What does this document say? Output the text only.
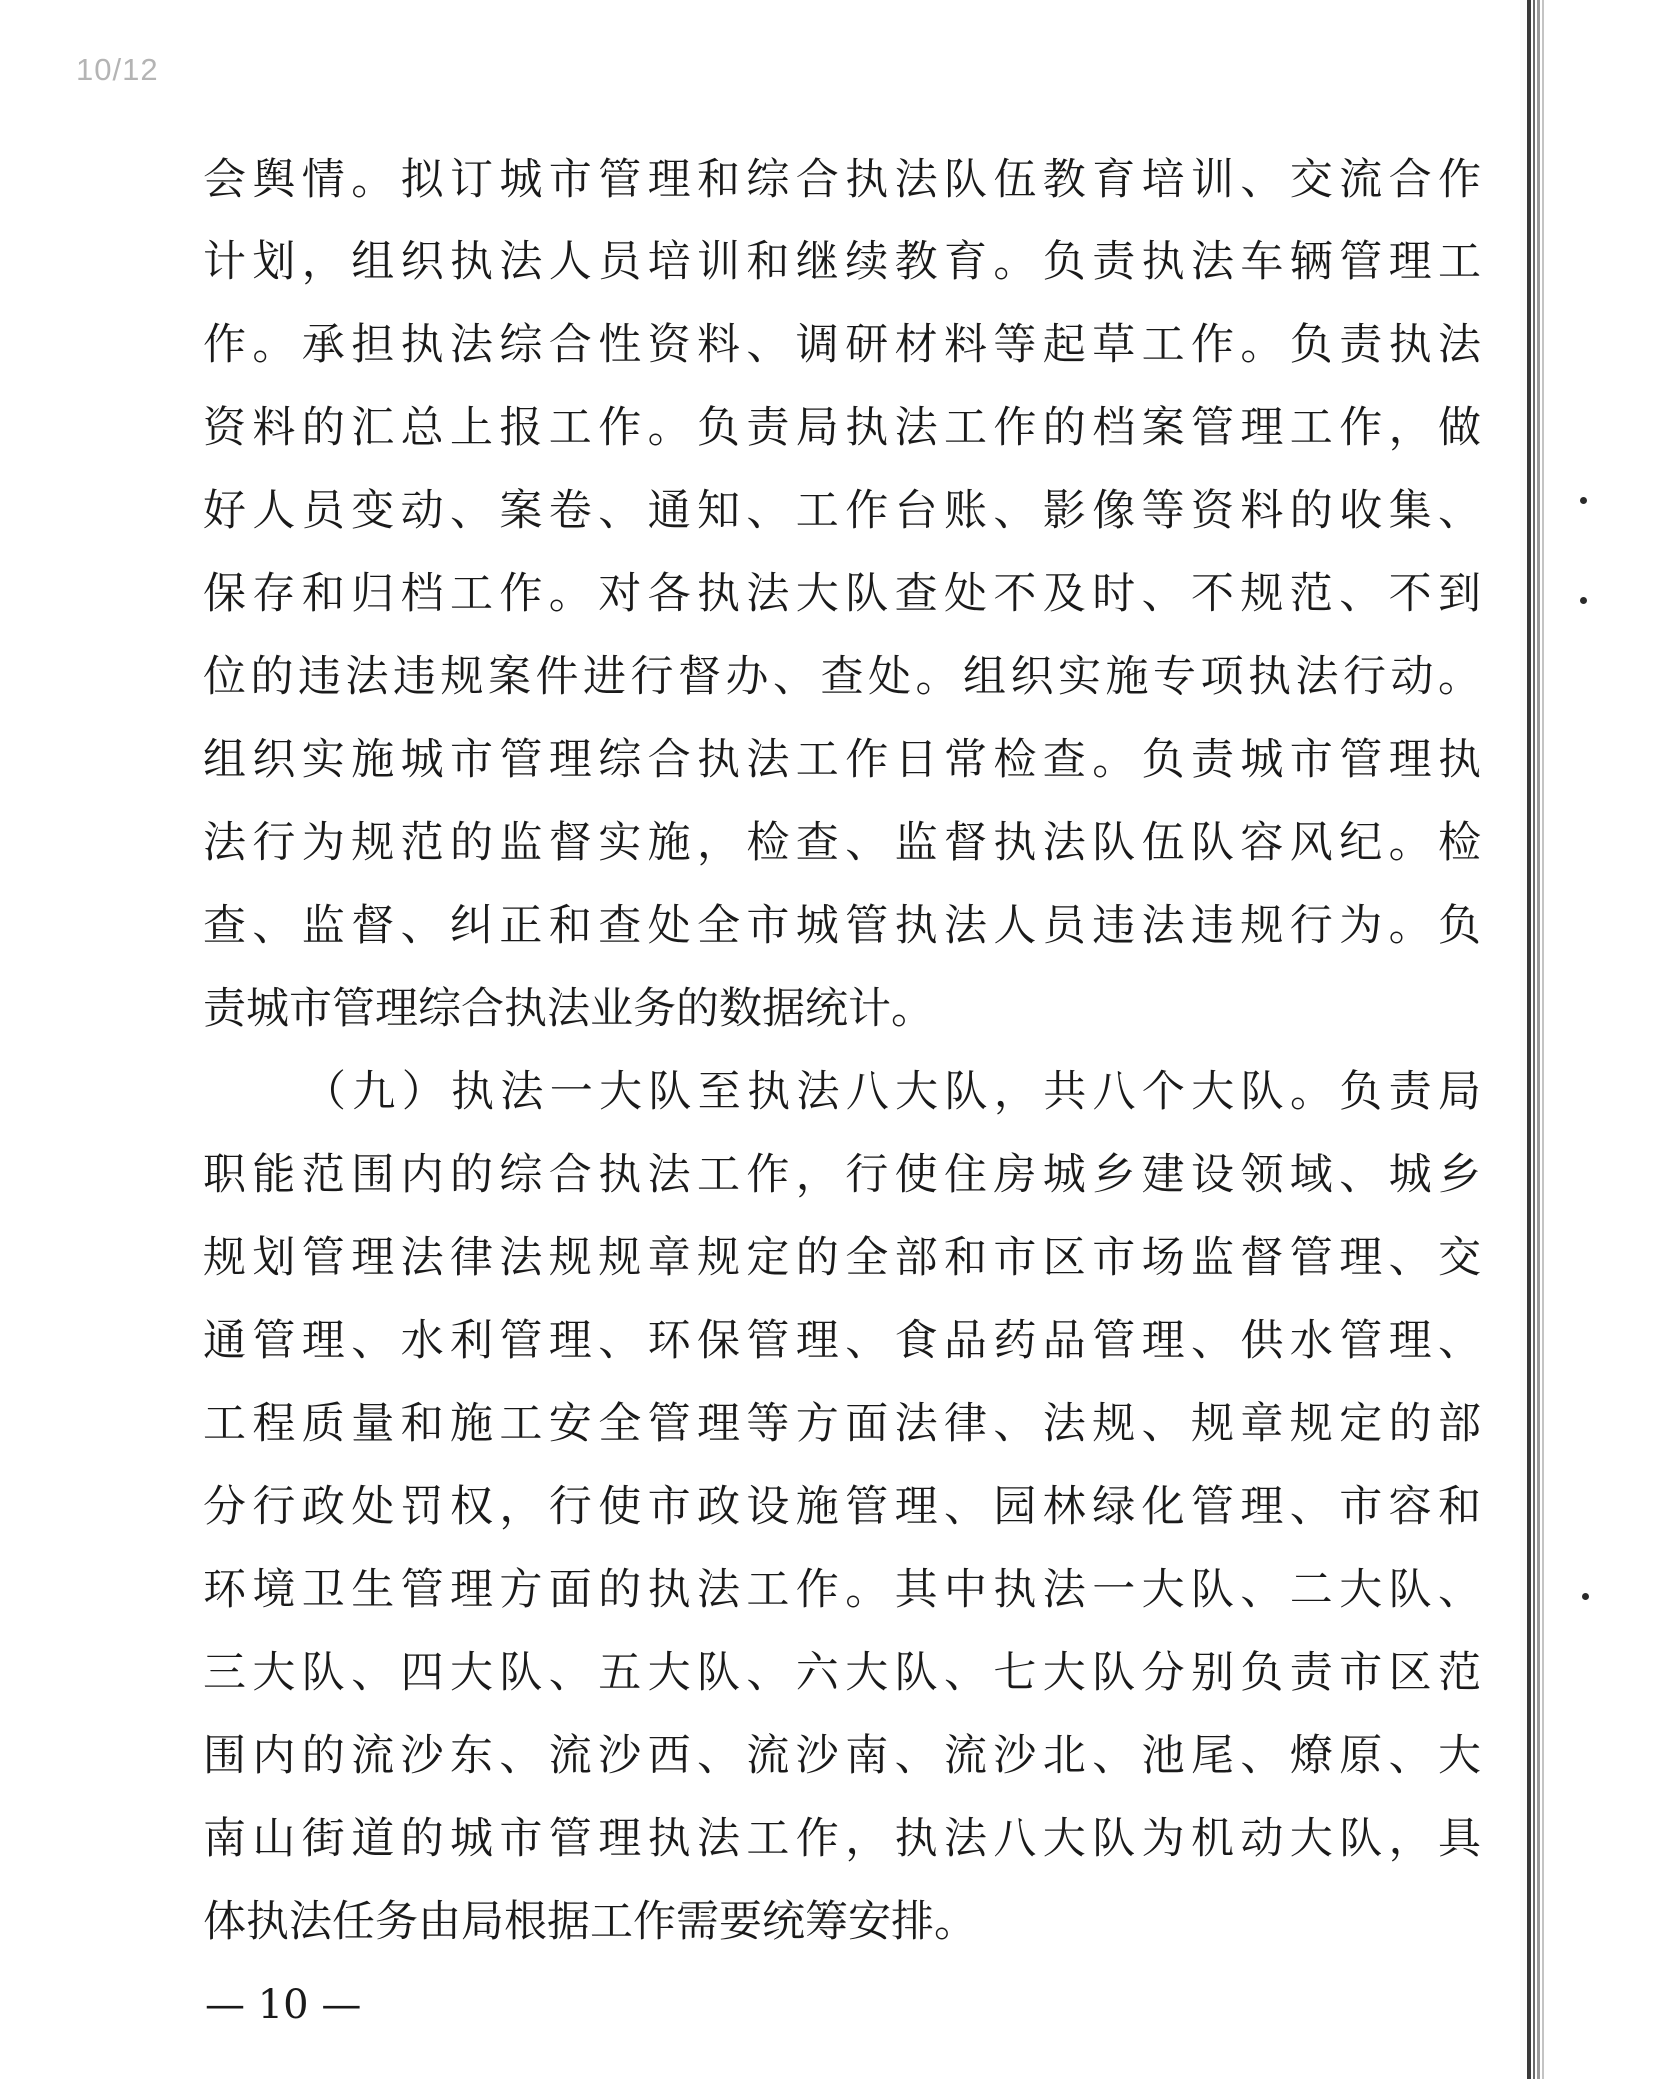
10/12
会舆情。拟订城市管理和综合执法队伍教育培训、交流合作
计划，组织执法人员培训和继续教育。负责执法车辆管理工
作。承担执法综合性资料、调研材料等起草工作。负责执法
资料的汇总上报工作。负责局执法工作的档案管理工作，做
好人员变动、案卷、通知、工作台账、影像等资料的收集、
保存和归档工作。对各执法大队查处不及时、不规范、不到
位的违法违规案件进行督办、查处。组织实施专项执法行动。
组织实施城市管理综合执法工作日常检查。负责城市管理执
法行为规范的监督实施，检查、监督执法队伍队容风纪。检
查、监督、纠正和查处全市城管执法人员违法违规行为。负
责城市管理综合执法业务的数据统计。
（九）执法一大队至执法八大队，共八个大队。负责局
职能范围内的综合执法工作，行使住房城乡建设领域、城乡
规划管理法律法规规章规定的全部和市区市场监督管理、交
通管理、水利管理、环保管理、食品药品管理、供水管理、
工程质量和施工安全管理等方面法律、法规、规章规定的部
分行政处罚权，行使市政设施管理、园林绿化管理、市容和
环境卫生管理方面的执法工作。其中执法一大队、二大队、
三大队、四大队、五大队、六大队、七大队分别负责市区范
围内的流沙东、流沙西、流沙南、流沙北、池尾、燎原、大
南山街道的城市管理执法工作，执法八大队为机动大队，具
体执法任务由局根据工作需要统筹安排。
— 10 —
